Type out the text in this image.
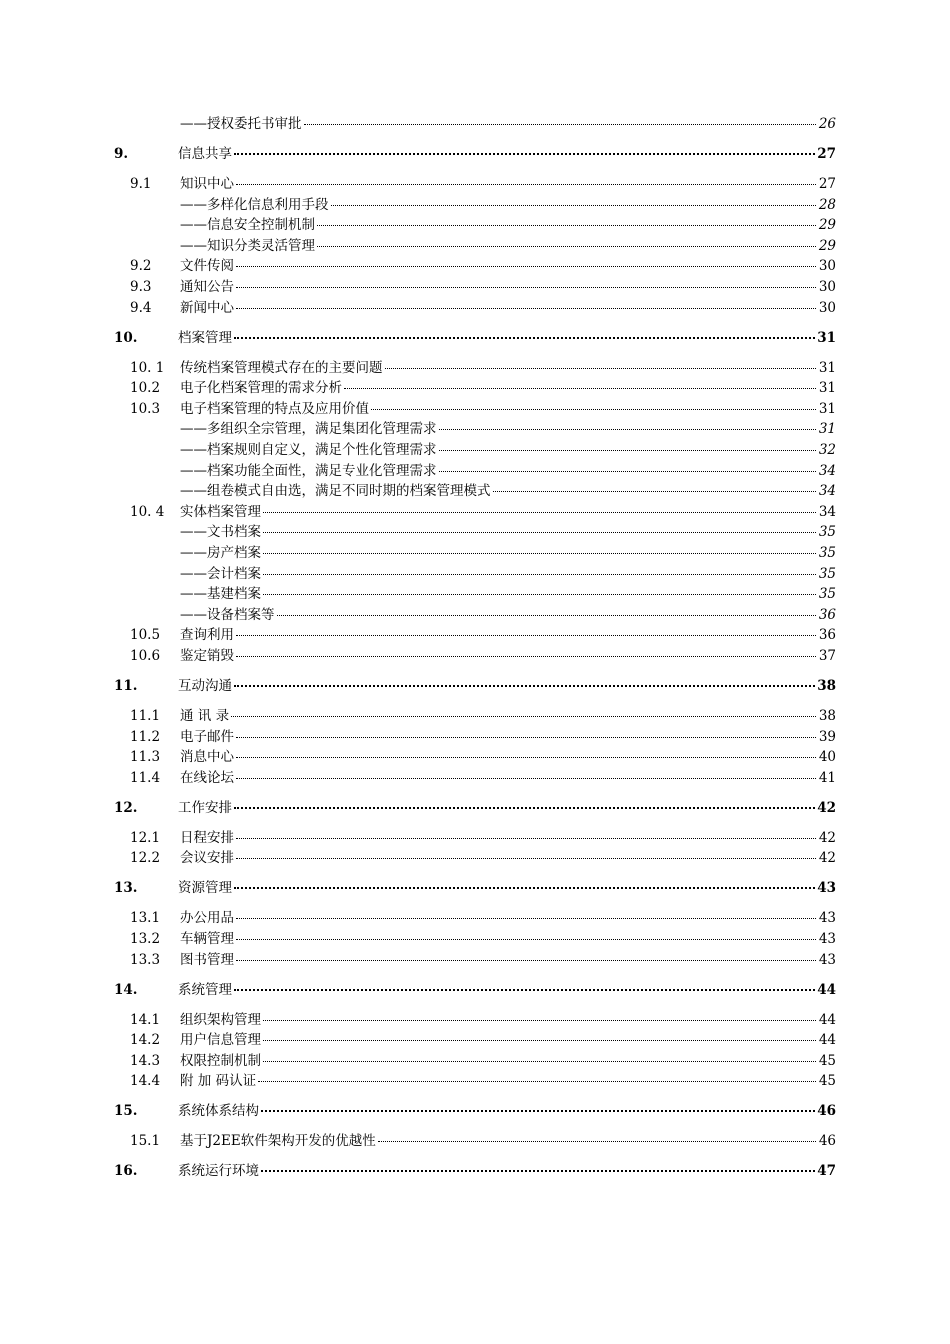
——授权委托书审批	26
9.	信息共享	27
9.1 知识中心	27
——多样化信息利用手段	28
——信息安全控制机制	29
——知识分类灵活管理	29
9.2 文件传阅	30
9.3 通知公告	30
9.4 新闻中心	30
10.	档案管理	31
10. 1 传统档案管理模式存在的主要问题	31
10.2 电子化档案管理的需求分析	31
10.3 电子档案管理的特点及应用价值	31
——多组织全宗管理，满足集团化管理需求	31
——档案规则自定义，满足个性化管理需求	32
——档案功能全面性，满足专业化管理需求	34
——组卷模式自由选，满足不同时期的档案管理模式	34
10. 4 实体档案管理	34
——文书档案	35
——房产档案	35
——会计档案	35
——基建档案	35
——设备档案等	36
10.5 查询利用	36
10.6 鉴定销毁	37
11.	互动沟通	38
11.1 通 讯 录	38
11.2 电子邮件	39
11.3 消息中心	40
11.4 在线论坛	41
12.	工作安排	42
12.1 日程安排	42
12.2 会议安排	42
13.	资源管理	43
13.1 办公用品	43
13.2 车辆管理	43
13.3 图书管理	43
14.	系统管理	44
14.1 组织架构管理	44
14.2 用户信息管理	44
14.3 权限控制机制	45
14.4 附 加 码认证	45
15.	系统体系结构	46
15.1 基于J2EE软件架构开发的优越性	46
16.	系统运行环境	47
